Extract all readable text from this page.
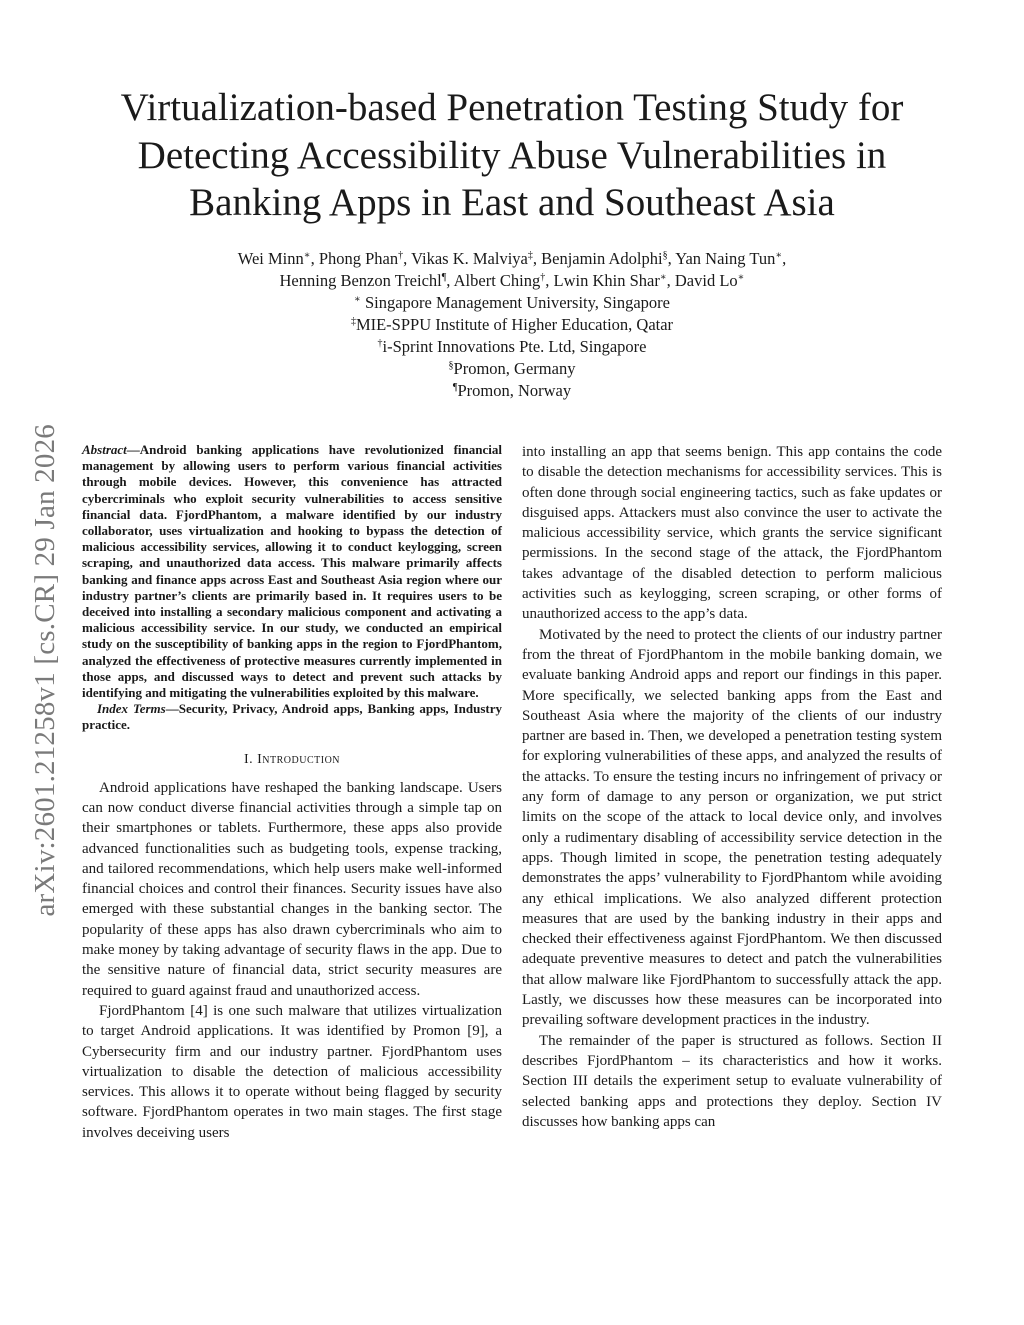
arXiv:2601.21258v1 [cs.CR] 29 Jan 2026
Virtualization-based Penetration Testing Study for Detecting Accessibility Abuse Vulnerabilities in Banking Apps in East and Southeast Asia
Wei Minn∗, Phong Phan†, Vikas K. Malviya‡, Benjamin Adolphi§, Yan Naing Tun∗,
Henning Benzon Treichl¶, Albert Ching†, Lwin Khin Shar∗, David Lo∗
∗ Singapore Management University, Singapore
‡MIE-SPPU Institute of Higher Education, Qatar
†i-Sprint Innovations Pte. Ltd, Singapore
§Promon, Germany
¶Promon, Norway

Abstract—Android banking applications have revolutionized financial management by allowing users to perform various financial activities through mobile devices. However, this convenience has attracted cybercriminals who exploit security vulnerabilities to access sensitive financial data. FjordPhantom, a malware identified by our industry collaborator, uses virtualization and hooking to bypass the detection of malicious accessibility services, allowing it to conduct keylogging, screen scraping, and unauthorized data access. This malware primarily affects banking and finance apps across East and Southeast Asia region where our industry partner’s clients are primarily based in. It requires users to be deceived into installing a secondary malicious component and activating a malicious accessibility service. In our study, we conducted an empirical study on the susceptibility of banking apps in the region to FjordPhantom, analyzed the effectiveness of protective measures currently implemented in those apps, and discussed ways to detect and prevent such attacks by identifying and mitigating the vulnerabilities exploited by this malware.

Index Terms—Security, Privacy, Android apps, Banking apps, Industry practice.

I. Introduction

Android applications have reshaped the banking landscape. Users can now conduct diverse financial activities through a simple tap on their smartphones or tablets. Furthermore, these apps also provide advanced functionalities such as budgeting tools, expense tracking, and tailored recommendations, which help users make well-informed financial choices and control their finances. Security issues have also emerged with these substantial changes in the banking sector. The popularity of these apps has also drawn cybercriminals who aim to make money by taking advantage of security flaws in the app. Due to the sensitive nature of financial data, strict security measures are required to guard against fraud and unauthorized access.

FjordPhantom [4] is one such malware that utilizes virtualization to target Android applications. It was identified by Promon [9], a Cybersecurity firm and our industry partner. FjordPhantom uses virtualization to disable the detection of malicious accessibility services. This allows it to operate without being flagged by security software. FjordPhantom operates in two main stages. The first stage involves deceiving users

into installing an app that seems benign. This app contains the code to disable the detection mechanisms for accessibility services. This is often done through social engineering tactics, such as fake updates or disguised apps. Attackers must also convince the user to activate the malicious accessibility service, which grants the service significant permissions. In the second stage of the attack, the FjordPhantom takes advantage of the disabled detection to perform malicious activities such as keylogging, screen scraping, or other forms of unauthorized access to the app’s data.

Motivated by the need to protect the clients of our industry partner from the threat of FjordPhantom in the mobile banking domain, we evaluate banking Android apps and report our findings in this paper. More specifically, we selected banking apps from the East and Southeast Asia where the majority of the clients of our industry partner are based in. Then, we developed a penetration testing system for exploring vulnerabilities of these apps, and analyzed the results of the attacks. To ensure the testing incurs no infringement of privacy or any form of damage to any person or organization, we put strict limits on the scope of the attack to local device only, and involves only a rudimentary disabling of accessibility service detection in the apps. Though limited in scope, the penetration testing adequately demonstrates the apps’ vulnerability to FjordPhantom while avoiding any ethical implications. We also analyzed different protection measures that are used by the banking industry in their apps and checked their effectiveness against FjordPhantom. We then discussed adequate preventive measures to detect and patch the vulnerabilities that allow malware like FjordPhantom to successfully attack the app. Lastly, we discusses how these measures can be incorporated into prevailing software development practices in the industry.

The remainder of the paper is structured as follows. Section II describes FjordPhantom – its characteristics and how it works. Section III details the experiment setup to evaluate vulnerability of selected banking apps and protections they deploy. Section IV discusses how banking apps can
